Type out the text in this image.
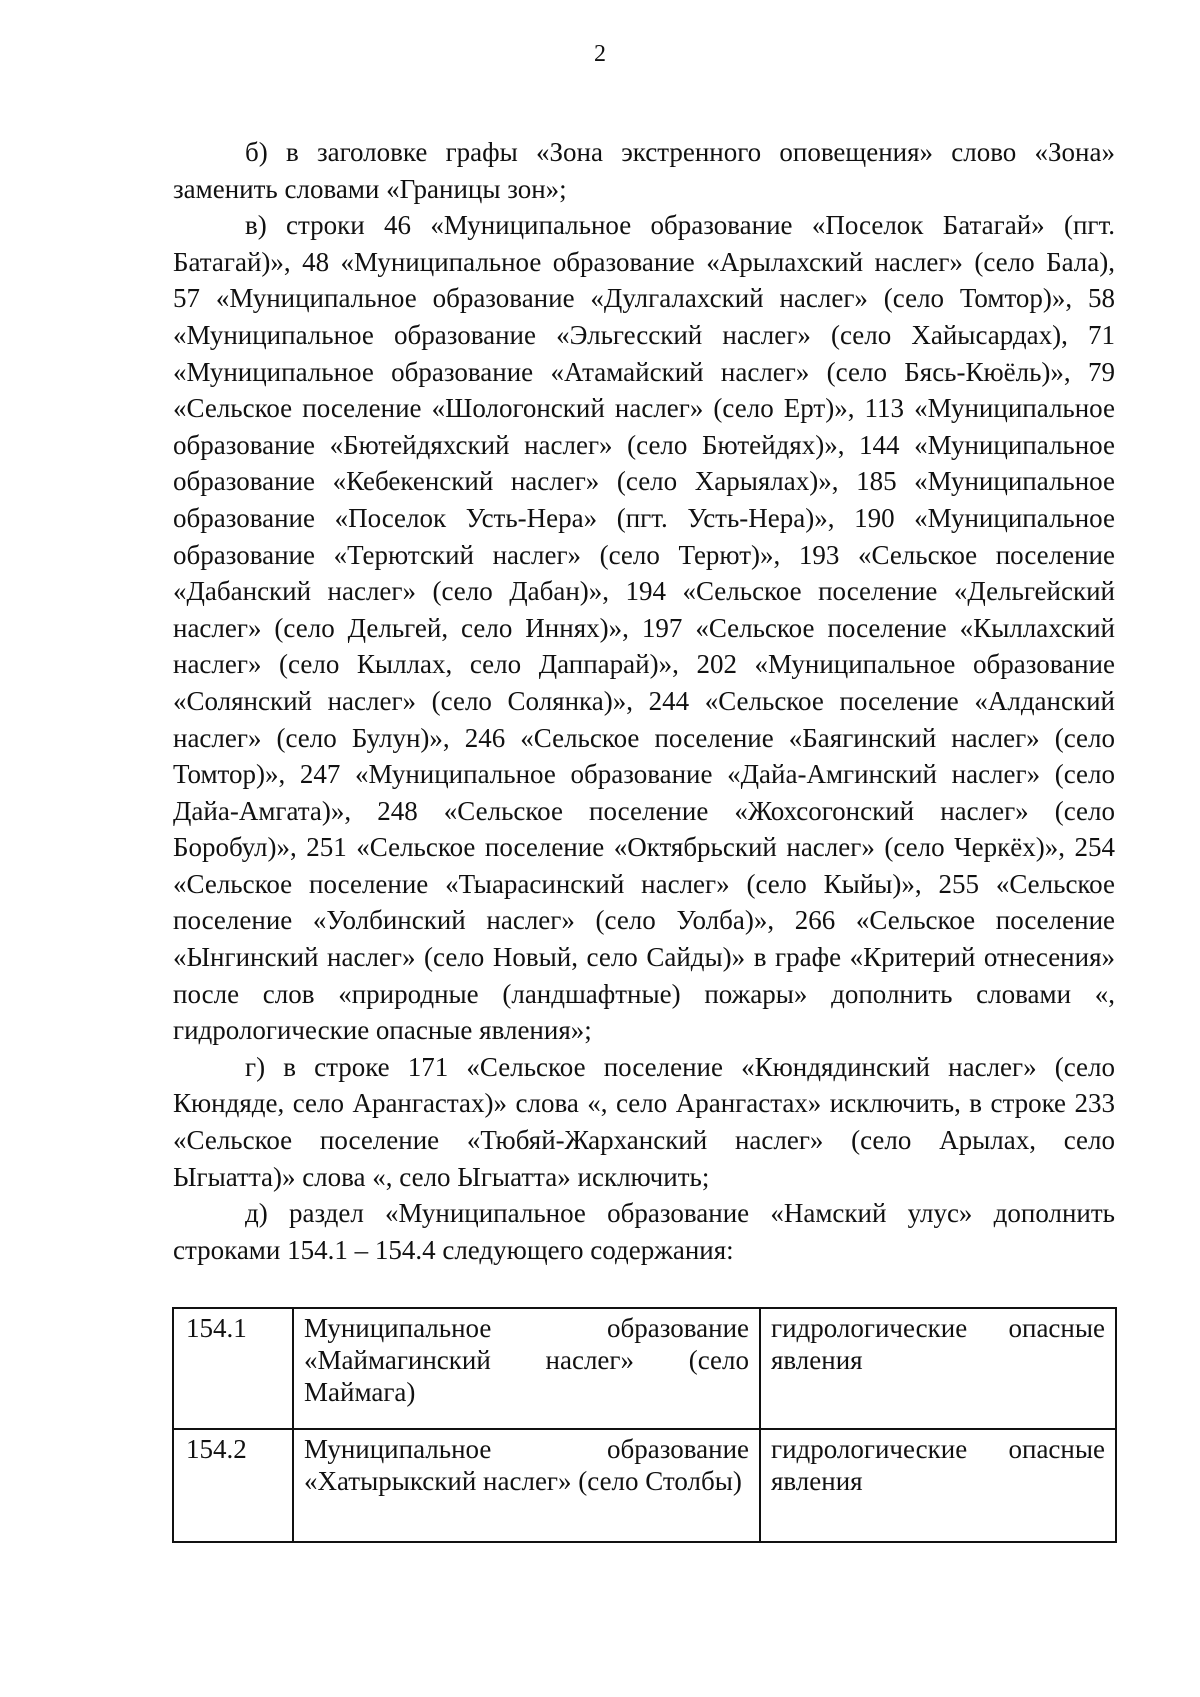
2

б) в заголовке графы «Зона экстренного оповещения» слово «Зона» заменить словами «Границы зон»;

в) строки 46 «Муниципальное образование «Поселок Батагай» (пгт. Батагай)», 48 «Муниципальное образование «Арылахский наслег» (село Бала), 57 «Муниципальное образование «Дулгалахский наслег» (село Томтор)», 58 «Муниципальное образование «Эльгесский наслег» (село Хайысардах), 71 «Муниципальное образование «Атамайский наслег» (село Бясь-Кюёль)», 79 «Сельское поселение «Шологонский наслег» (село Ерт)», 113 «Муниципальное образование «Бютейдяхский наслег» (село Бютейдях)», 144 «Муниципальное образование «Кебекенский наслег» (село Харыялах)», 185 «Муниципальное образование «Поселок Усть-Нера» (пгт. Усть-Нера)», 190 «Муниципальное образование «Терютский наслег» (село Терют)», 193 «Сельское поселение «Дабанский наслег» (село Дабан)», 194 «Сельское поселение «Дельгейский наслег» (село Дельгей, село Иннях)», 197 «Сельское поселение «Кыллахский наслег» (село Кыллах, село Даппарай)», 202 «Муниципальное образование «Солянский наслег» (село Солянка)», 244 «Сельское поселение «Алданский наслег» (село Булун)», 246 «Сельское поселение «Баягинский наслег» (село Томтор)», 247 «Муниципальное образование «Дайа-Амгинский наслег» (село Дайа-Амгата)», 248 «Сельское поселение «Жохсогонский наслег» (село Боробул)», 251 «Сельское поселение «Октябрьский наслег» (село Черкёх)», 254 «Сельское поселение «Тыарасинский наслег» (село Кыйы)», 255 «Сельское поселение «Уолбинский наслег» (село Уолба)», 266 «Сельское поселение «Ынгинский наслег» (село Новый, село Сайды)» в графе «Критерий отнесения» после слов «природные (ландшафтные) пожары» дополнить словами «, гидрологические опасные явления»;

г) в строке 171 «Сельское поселение «Кюндядинский наслег» (село Кюндяде, село Арангастах)» слова «, село Арангастах» исключить, в строке 233 «Сельское поселение «Тюбяй-Жарханский наслег» (село Арылах, село Ыгыатта)» слова «, село Ыгыатта» исключить;

д) раздел «Муниципальное образование «Намский улус» дополнить строками 154.1 – 154.4 следующего содержания:

154.1	Муниципальное образование «Маймагинский наслег» (село Маймага)	гидрологические опасные явления
154.2	Муниципальное образование «Хатырыкский наслег» (село Столбы)	гидрологические опасные явления
